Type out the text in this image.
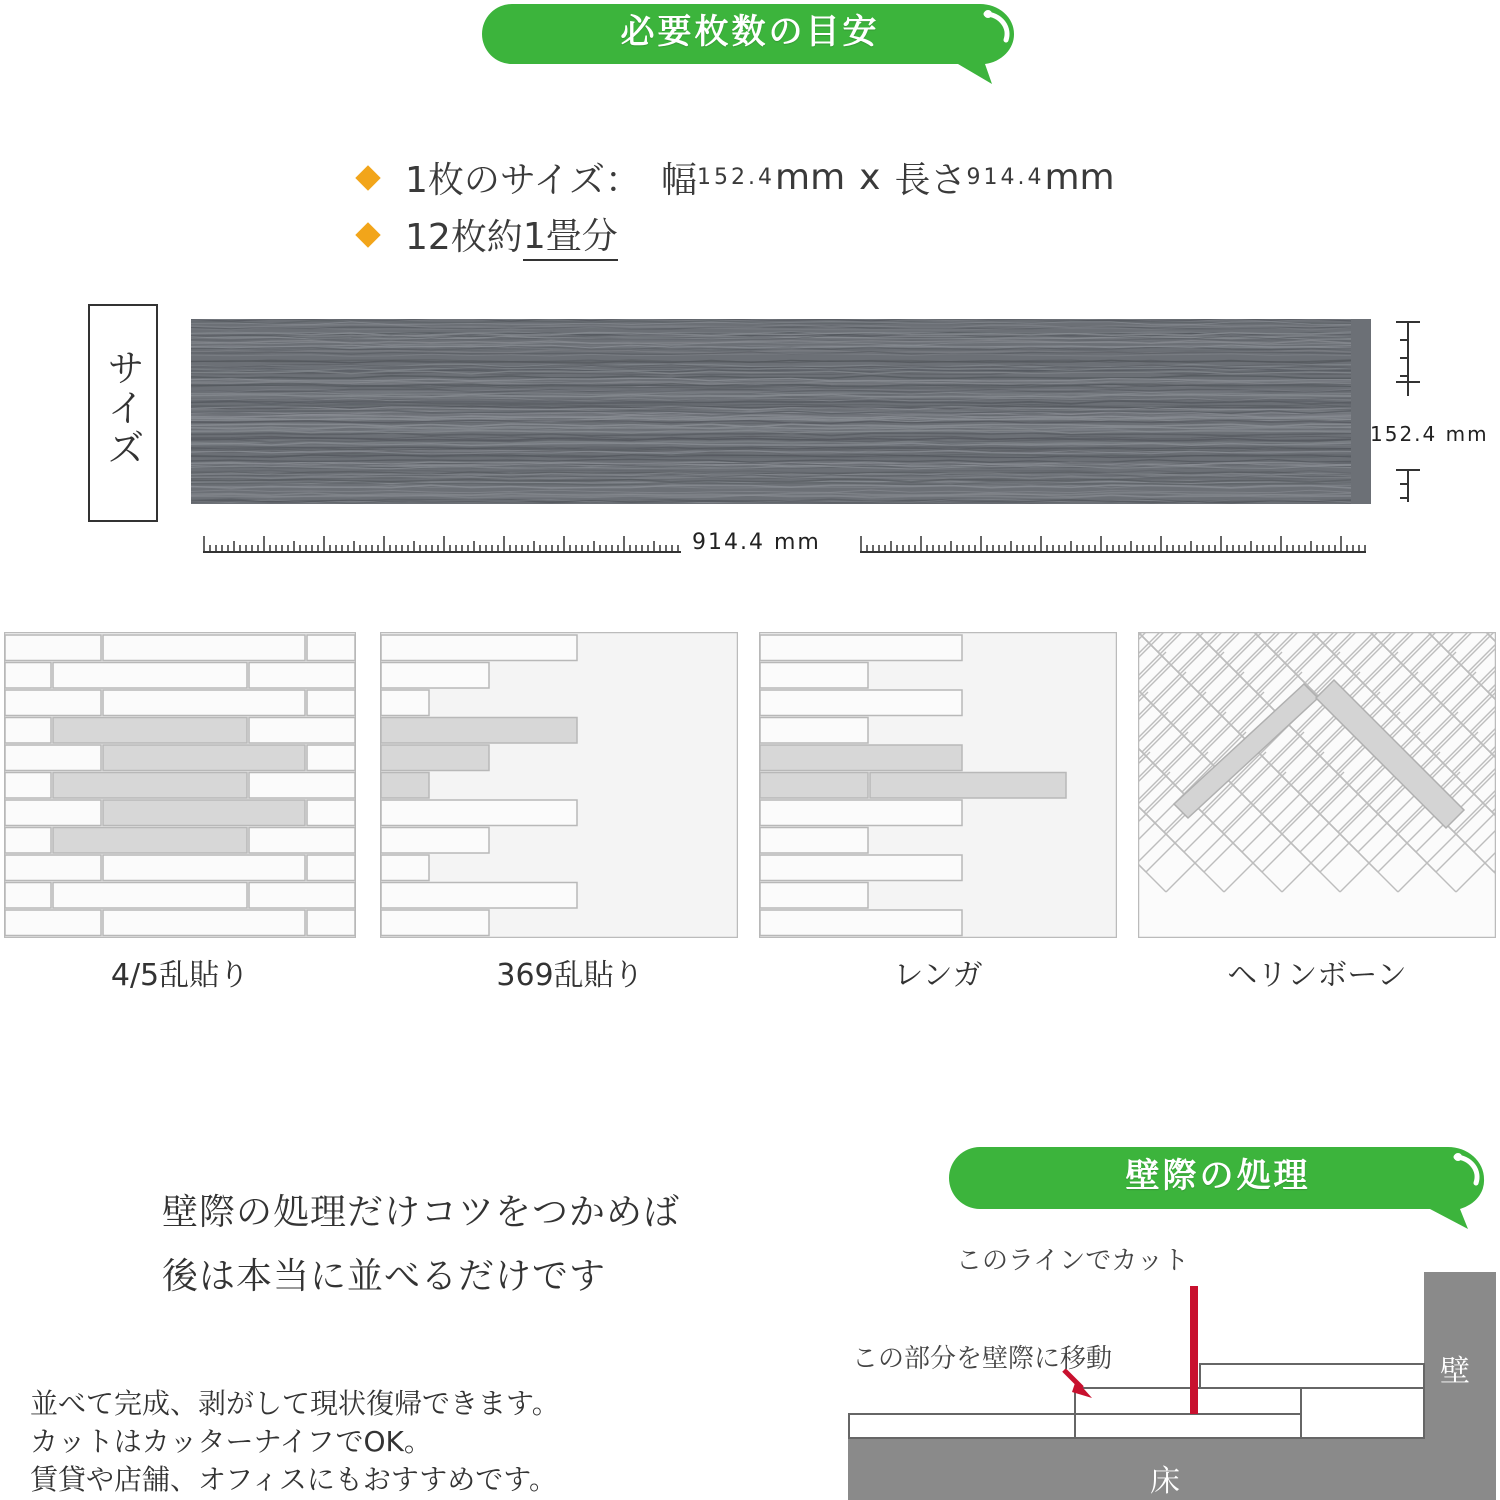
必要枚数の目安
1枚のサイズ： 幅 152.4 mm x 長さ 914.4 mm
12枚約 1畳分
サイズ	152.4 mm
914.4 mm
4/5乱貼り	369乱貼り	レンガ	ヘリンボーン
壁際の処理だけコツをつかめば
後は本当に並べるだけです
並べて完成、剥がして現状復帰できます。
カットはカッターナイフでOK。
賃貸や店舗、オフィスにもおすすめです。
壁際の処理
このラインでカット
この部分を壁際に移動	壁
床
